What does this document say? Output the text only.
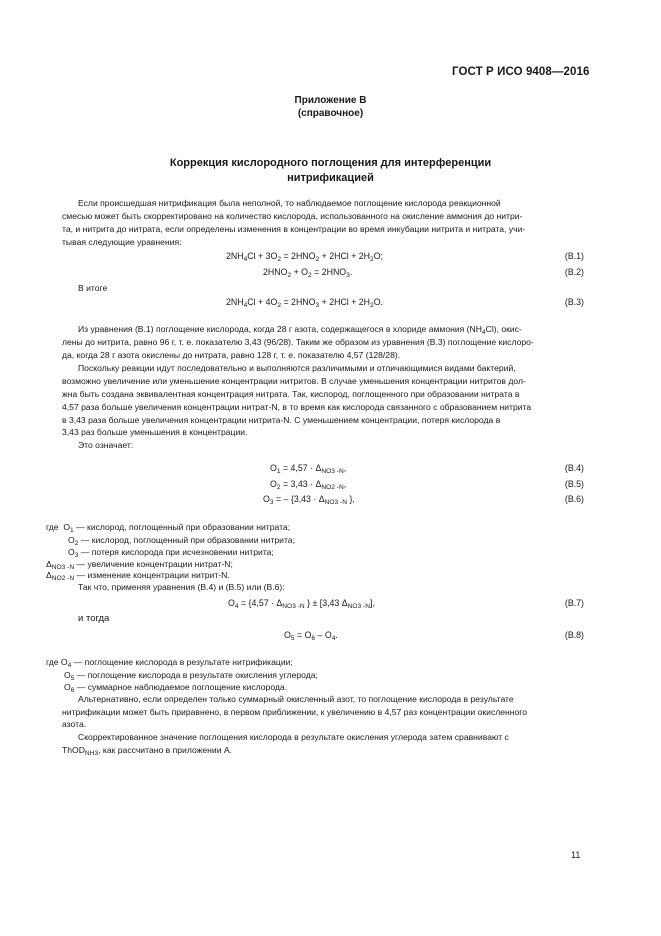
ГОСТ Р ИСО 9408—2016
Приложение В
(справочное)
Коррекция кислородного поглощения для интерференции
нитрификацией
Если происшедшая нитрификация была неполной, то наблюдаемое поглощение кислорода реакционной
смесью может быть скорректировано на количество кислорода, использованного на окисление аммония до нитри-
та, и нитрита до нитрата, если определены изменения в концентрации во время инкубации нитрита и нитрата, учи-
тывая следующие уравнения:
$2NH_4Cl + 3O_2 = 2HNO_2 + 2HCl + 2H_2O$;	(B.1)
$2HNO_2 + O_2 = 2HNO_3$.	(B.2)
В итоге
$2NH_4Cl + 4O_2 = 2HNO_3 + 2HCl + 2H_2O$.	(B.3)
Из уравнения (В.1) поглощение кислорода, когда 28 г азота, содержащегося в хлориде аммония $(NH_4Cl)$, окис-
лены до нитрита, равно 96 г, т. е. показателю 3,43 (96/28). Таким же образом из уравнения (В.3) поглощение кислоро-
да, когда 28 г азота окислены до нитрата, равно 128 г, т. е. показателю 4,57 (128/28).
Поскольку реакции идут последовательно и выполняются различимыми и отличающимися видами бактерий,
возможно увеличение или уменьшение концентрации нитритов. В случае уменьшения концентрации нитритов дол-
жна быть создана эквивалентная концентрация нитрата. Так, кислород, поглощенного при образовании нитрата в
4,57 раза больше увеличения концентрации нитрат-N, в то время как кислорода связанного с образованием нитрита
в 3,43 раза больше увеличения концентрации нитрита-N. С уменьшением концентрации, потеря кислорода в
3,43 раз больше уменьшения в концентрации.
Это означает:
$O_1 = 4,57 \cdot \Delta_{NO3 -N}$,	(B.4)
$O_2 = 3,43 \cdot \Delta_{NO2 -N}$,	(B.5)
$O_3$ = – {$3,43 \cdot \Delta_{NO3 -N}$ },	(B.6)
где $O_1$ — кислород, поглощенный при образовании нитрата;
$O_2$ — кислород, поглощенный при образовании нитрита;
$O_3$ — потеря кислорода при исчезновении нитрита;
$\Delta_{NO3 -N}$ — увеличение концентрации нитрат-N;
$\Delta_{NO2 -N}$ — изменение концентрации нитрит-N.
Так что, применяя уравнения (В.4) и (В.5) или (В.6):
$O_4 = \{4,57 \cdot \Delta_{NO3 -N}$ } ± [3,43 $\Delta_{NO3 -N}$],	(B.7)
и тогда
$O_5 = O_6 - O_4$.	(B.8)
где $O_4$ — поглощение кислорода в результате нитрификации;
$O_5$ — поглощение кислорода в результате окисления углерода;
$O_6$ — суммарное наблюдаемое поглощение кислорода.
Альтернативно, если определен только суммарный окисленный азот, то поглощение кислорода в результате
нитрификации может быть приравнено, в первом приближении, к увеличению в 4,57 раз концентрации окисленного
азота.
Скорректированное значение поглощения кислорода в результате окисления углерода затем сравнивают с
ThOD$_{NH3}$, как рассчитано в приложении А.
11
